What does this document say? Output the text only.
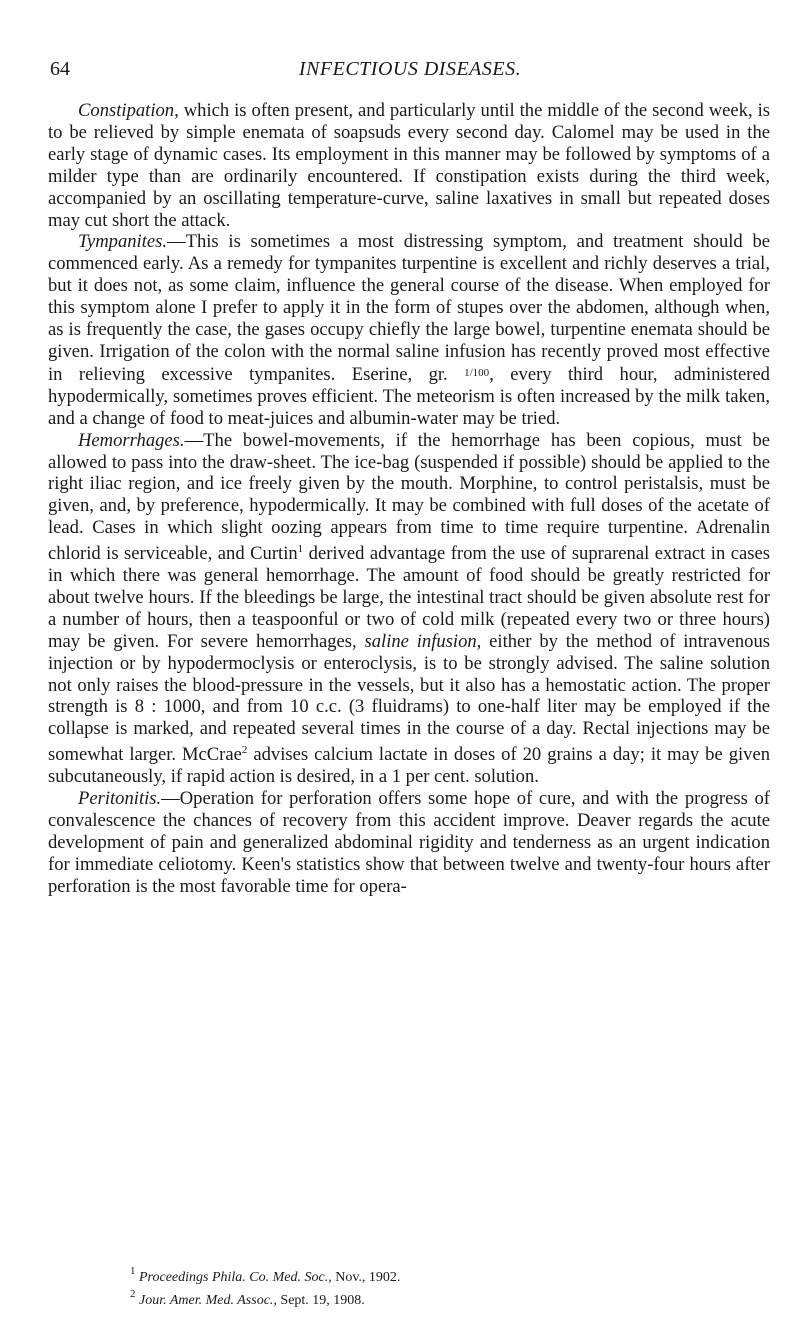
64	INFECTIOUS DISEASES.

Constipation, which is often present, and particularly until the middle of the second week, is to be relieved by simple enemata of soapsuds every second day. Calomel may be used in the early stage of dynamic cases. Its employment in this manner may be followed by symptoms of a milder type than are ordinarily encountered. If constipation exists during the third week, accompanied by an oscillating temperature-curve, saline laxatives in small but repeated doses may cut short the attack.

Tympanites.—This is sometimes a most distressing symptom, and treatment should be commenced early. As a remedy for tympanites turpentine is excellent and richly deserves a trial, but it does not, as some claim, influence the general course of the disease. When employed for this symptom alone I prefer to apply it in the form of stupes over the abdomen, although when, as is frequently the case, the gases occupy chiefly the large bowel, turpentine enemata should be given. Irrigation of the colon with the normal saline infusion has recently proved most effective in relieving excessive tympanites. Eserine, gr. $^{1/100}$, every third hour, administered hypodermically, sometimes proves efficient. The meteorism is often increased by the milk taken, and a change of food to meat-juices and albumin-water may be tried.

Hemorrhages.—The bowel-movements, if the hemorrhage has been copious, must be allowed to pass into the draw-sheet. The ice-bag (suspended if possible) should be applied to the right iliac region, and ice freely given by the mouth. Morphine, to control peristalsis, must be given, and, by preference, hypodermically. It may be combined with full doses of the acetate of lead. Cases in which slight oozing appears from time to time require turpentine. Adrenalin chlorid is serviceable, and Curtin$^1$ derived advantage from the use of suprarenal extract in cases in which there was general hemorrhage. The amount of food should be greatly restricted for about twelve hours. If the bleedings be large, the intestinal tract should be given absolute rest for a number of hours, then a teaspoonful or two of cold milk (repeated every two or three hours) may be given. For severe hemorrhages, saline infusion, either by the method of intravenous injection or by hypodermoclysis or enteroclysis, is to be strongly advised. The saline solution not only raises the blood-pressure in the vessels, but it also has a hemostatic action. The proper strength is 8 : 1000, and from 10 c.c. (3 fluidrams) to one-half liter may be employed if the collapse is marked, and repeated several times in the course of a day. Rectal injections may be somewhat larger. McCrae$^2$ advises calcium lactate in doses of 20 grains a day; it may be given subcutaneously, if rapid action is desired, in a 1 per cent. solution.

Peritonitis.—Operation for perforation offers some hope of cure, and with the progress of convalescence the chances of recovery from this accident improve. Deaver regards the acute development of pain and generalized abdominal rigidity and tenderness as an urgent indication for immediate celiotomy. Keen's statistics show that between twelve and twenty-four hours after perforation is the most favorable time for opera-

$^1$ Proceedings Phila. Co. Med. Soc., Nov., 1902.
$^2$ Jour. Amer. Med. Assoc., Sept. 19, 1908.
